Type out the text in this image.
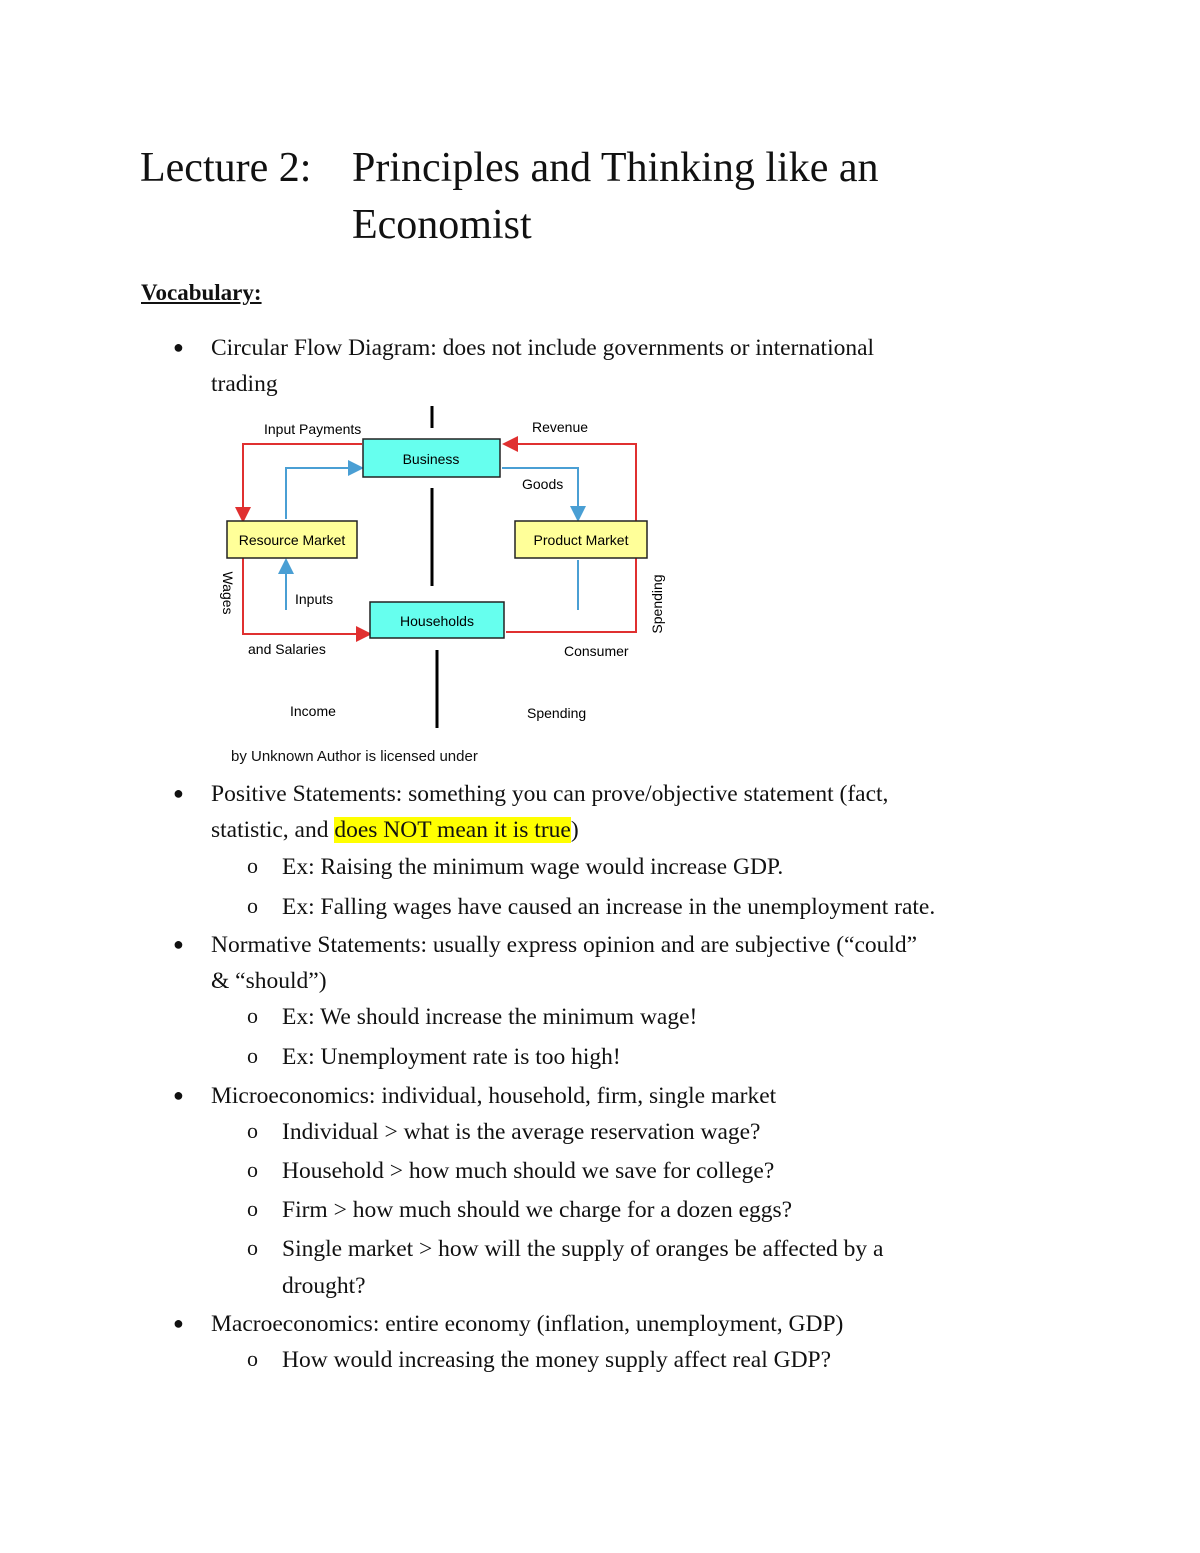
Lecture 2: Principles and Thinking like an
Economist
Vocabulary:
● Circular Flow Diagram: does not include governments or international
trading
Business
Resource Market	Product Market
Households
Input Payments	Revenue
Goods
Inputs
Wages
and Salaries
Spending
Consumer
Income	Spending
by Unknown Author is licensed under
● Positive Statements: something you can prove/objective statement (fact,
statistic, and does NOT mean it is true)
o Ex: Raising the minimum wage would increase GDP.
o Ex: Falling wages have caused an increase in the unemployment rate.
● Normative Statements: usually express opinion and are subjective (“could”
& “should”)
o Ex: We should increase the minimum wage!
o Ex: Unemployment rate is too high!
● Microeconomics: individual, household, firm, single market
o Individual > what is the average reservation wage?
o Household > how much should we save for college?
o Firm > how much should we charge for a dozen eggs?
o Single market > how will the supply of oranges be affected by a
drought?
● Macroeconomics: entire economy (inflation, unemployment, GDP)
o How would increasing the money supply affect real GDP?
